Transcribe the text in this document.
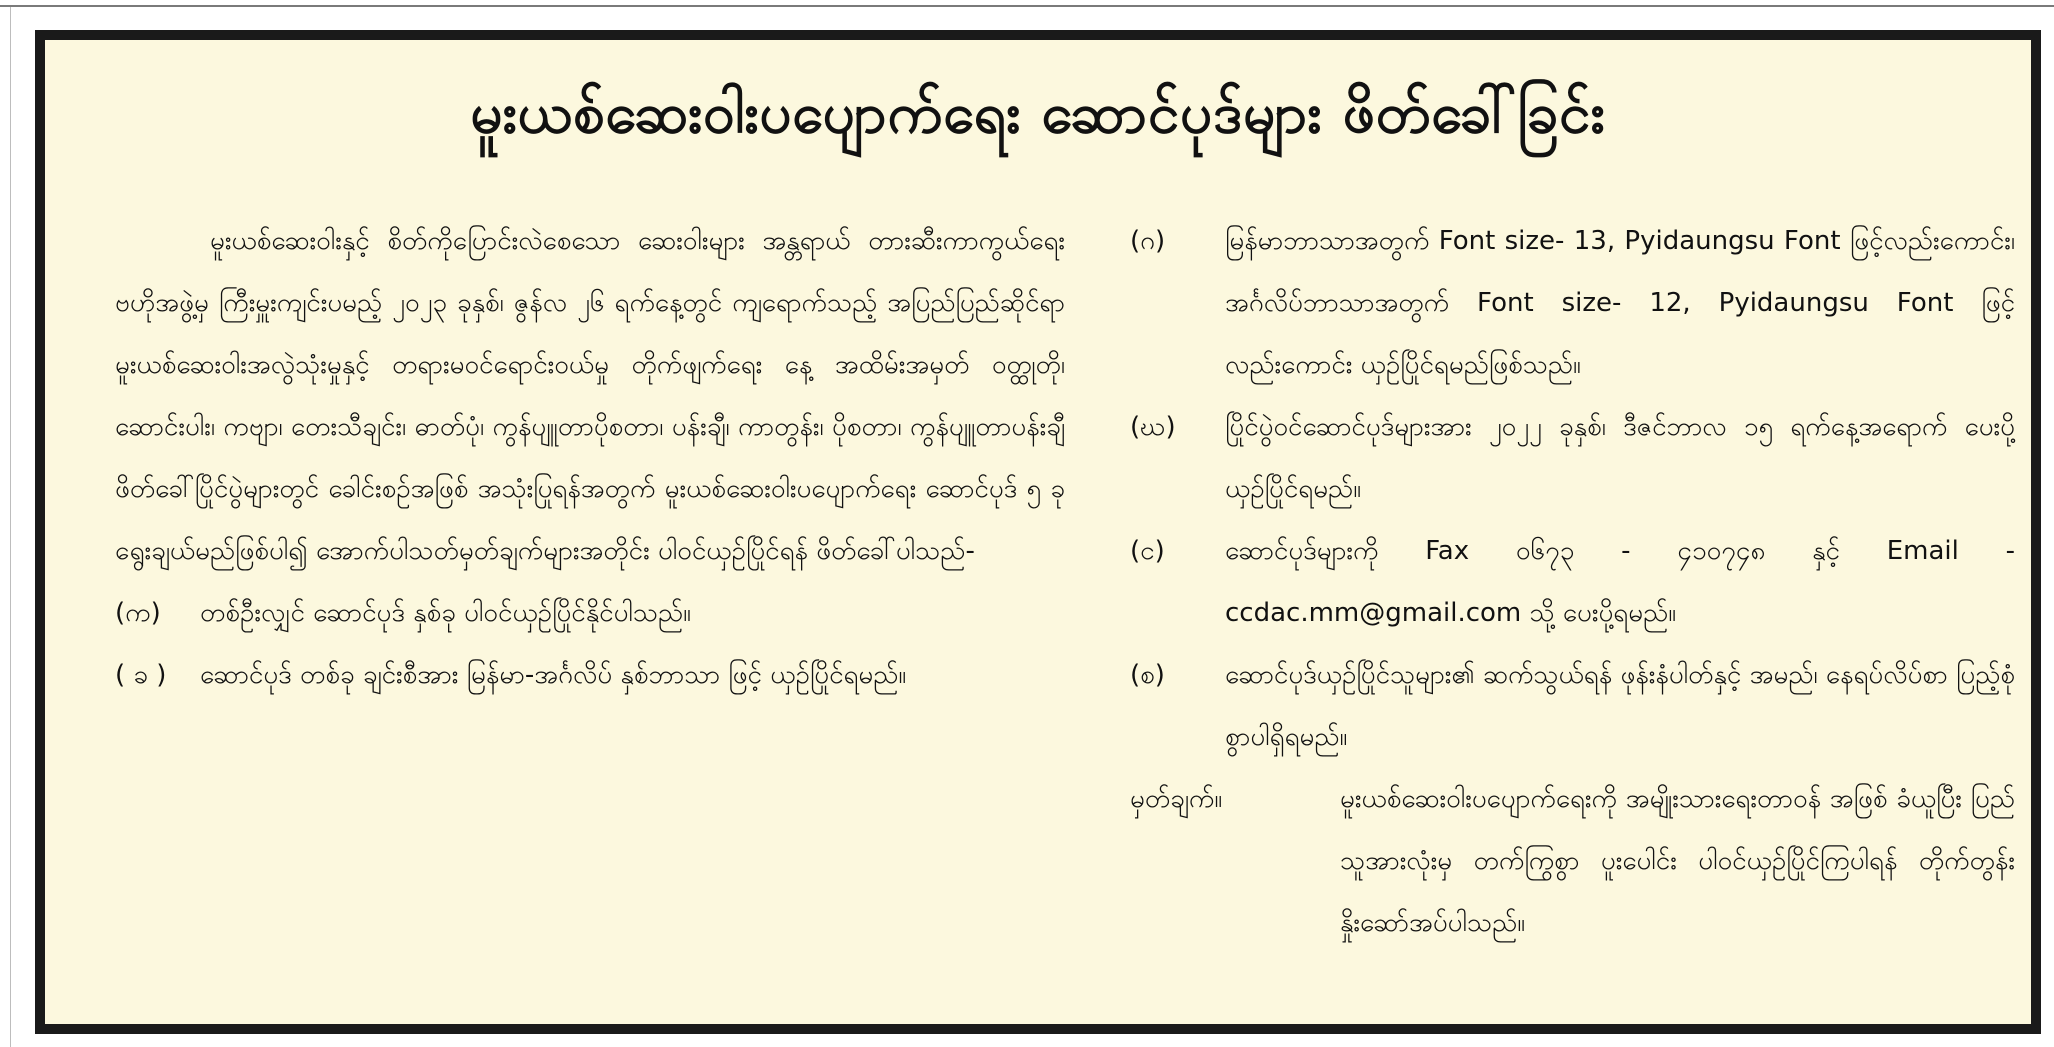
မူးယစ်ဆေးဝါးပပျောက်ရေး ဆောင်ပုဒ်များ ဖိတ်ခေါ်ခြင်း

မူးယစ်ဆေးဝါးနှင့် စိတ်ကိုပြောင်းလဲစေသော ဆေးဝါးများ အန္တရာယ် တားဆီးကာကွယ်ရေးဗဟိုအဖွဲ့မှ ကြီးမှူးကျင်းပမည့် ၂၀၂၃ ခုနှစ်၊ ဇွန်လ ၂၆ ရက်နေ့တွင် ကျရောက်သည့် အပြည်ပြည်ဆိုင်ရာ မူးယစ်ဆေးဝါးအလွဲသုံးမှုနှင့် တရားမဝင်ရောင်းဝယ်မှု တိုက်ဖျက်ရေး နေ့ အထိမ်းအမှတ် ဝတ္ထုတို၊ ဆောင်းပါး၊ ကဗျာ၊ တေးသီချင်း၊ ဓာတ်ပုံ၊ ကွန်ပျူတာပိုစတာ၊ ပန်းချီ၊ ကာတွန်း၊ ပိုစတာ၊ ကွန်ပျူတာပန်းချီ ဖိတ်ခေါ်ပြိုင်ပွဲများတွင် ခေါင်းစဉ်အဖြစ် အသုံးပြုရန်အတွက် မူးယစ်ဆေးဝါးပပျောက်ရေး ဆောင်ပုဒ် ၅ ခု ရွေးချယ်မည်ဖြစ်ပါ၍ အောက်ပါသတ်မှတ်ချက်များအတိုင်း ပါဝင်ယှဉ်ပြိုင်ရန် ဖိတ်ခေါ်ပါသည်-

(က)	တစ်ဦးလျှင် ဆောင်ပုဒ် နှစ်ခု ပါဝင်ယှဉ်ပြိုင်နိုင်ပါသည်။
( ခ )	ဆောင်ပုဒ် တစ်ခု ချင်းစီအား မြန်မာ-အင်္ဂလိပ် နှစ်ဘာသာ ဖြင့် ယှဉ်ပြိုင်ရမည်။
(ဂ)	မြန်မာဘာသာအတွက် Font size- 13, Pyidaungsu Font ဖြင့်လည်းကောင်း၊ အင်္ဂလိပ်ဘာသာအတွက် Font size- 12, Pyidaungsu Font ဖြင့်လည်းကောင်း ယှဉ်ပြိုင်ရမည်ဖြစ်သည်။
(ဃ)	ပြိုင်ပွဲဝင်ဆောင်ပုဒ်များအား ၂၀၂၂ ခုနှစ်၊ ဒီဇင်ဘာလ ၁၅ ရက်နေ့အရောက် ပေးပို့ယှဉ်ပြိုင်ရမည်။
(င)	ဆောင်ပုဒ်များကို Fax ၀၆၇၃ - ၄၁၀၇၄၈ နှင့် Email - ccdac.mm@gmail.com သို့ ပေးပို့ရမည်။
(စ)	ဆောင်ပုဒ်ယှဉ်ပြိုင်သူများ၏ ဆက်သွယ်ရန် ဖုန်းနံပါတ်နှင့် အမည်၊ နေရပ်လိပ်စာ ပြည့်စုံစွာပါရှိရမည်။
မှတ်ချက်။	မူးယစ်ဆေးဝါးပပျောက်ရေးကို အမျိုးသားရေးတာဝန် အဖြစ် ခံယူပြီး ပြည်သူအားလုံးမှ တက်ကြွစွာ ပူးပေါင်း ပါဝင်ယှဉ်ပြိုင်ကြပါရန် တိုက်တွန်းနှိုးဆော်အပ်ပါသည်။
